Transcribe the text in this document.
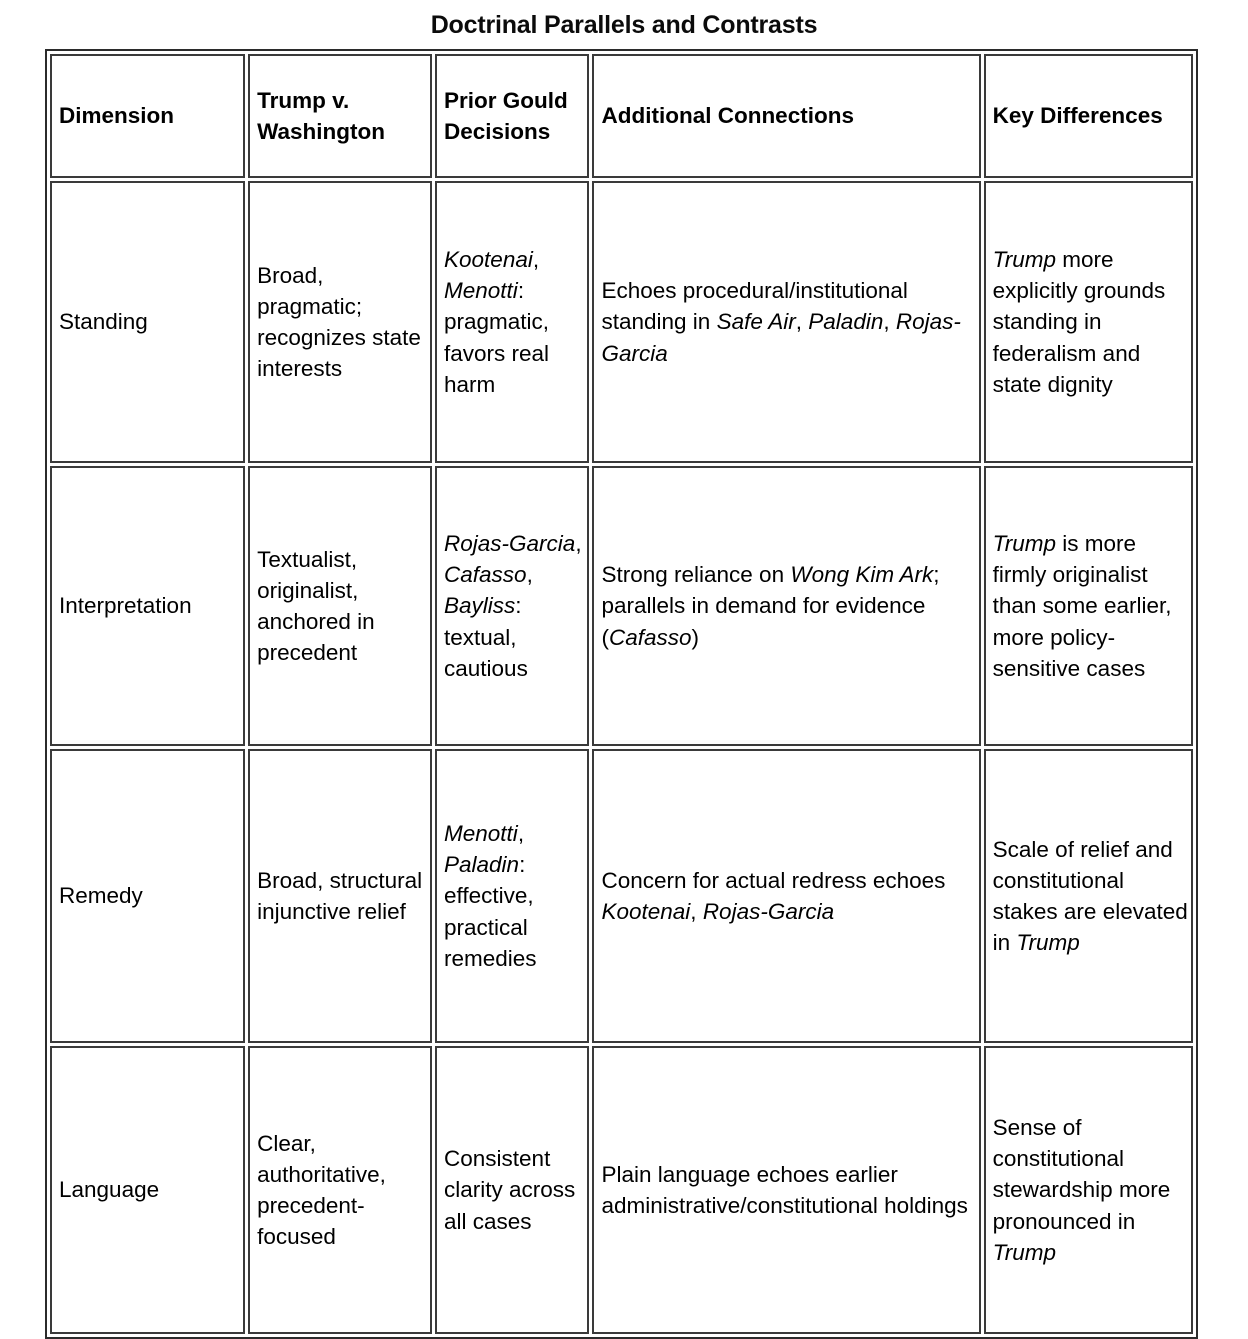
Doctrinal Parallels and Contrasts
Dimension	Trump v. Washington	Prior Gould Decisions	Additional Connections	Key Differences
Standing	Broad, pragmatic; recognizes state interests	Kootenai, Menotti: pragmatic, favors real harm	Echoes procedural/institutional standing in Safe Air, Paladin, Rojas-Garcia	Trump more explicitly grounds standing in federalism and state dignity
Interpretation	Textualist, originalist, anchored in precedent	Rojas-Garcia, Cafasso, Bayliss: textual, cautious	Strong reliance on Wong Kim Ark; parallels in demand for evidence (Cafasso)	Trump is more firmly originalist than some earlier, more policy-sensitive cases
Remedy	Broad, structural injunctive relief	Menotti, Paladin: effective, practical remedies	Concern for actual redress echoes Kootenai, Rojas-Garcia	Scale of relief and constitutional stakes are elevated in Trump
Language	Clear, authoritative, precedent-focused	Consistent clarity across all cases	Plain language echoes earlier administrative/constitutional holdings	Sense of constitutional stewardship more pronounced in Trump
